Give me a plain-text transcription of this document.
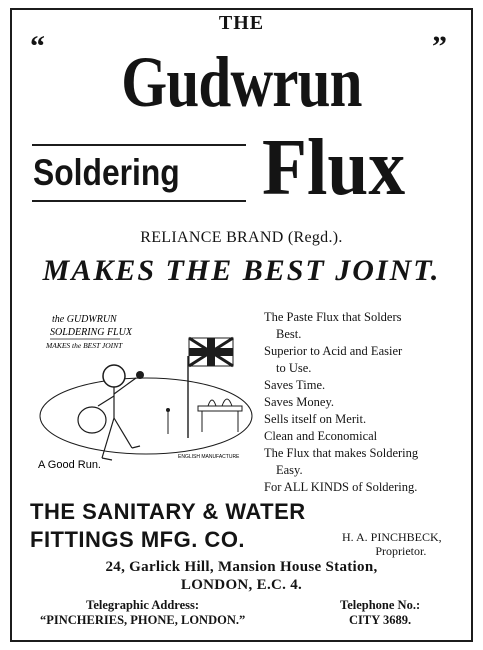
THE
“	”
Gudwrun
Soldering Flux
RELIANCE BRAND (Regd.).
MAKES THE BEST JOINT.
the GUDWRUN
SOLDERING FLUX
MAKES the BEST JOINT
A Good Run.
ENGLISH MANUFACTURE
The Paste Flux that Solders
Best.
Superior to Acid and Easier
to Use.
Saves Time.
Saves Money.
Sells itself on Merit.
Clean and Economical
The Flux that makes Soldering
Easy.
For ALL KINDS of Soldering.
THE SANITARY & WATER
FITTINGS MFG. CO.	H. A. PINCHBECK,
Proprietor.
24, Garlick Hill, Mansion House Station,
LONDON, E.C. 4.
Telegraphic Address:
“PINCHERIES, PHONE, LONDON.”
Telephone No.:
CITY 3689.
